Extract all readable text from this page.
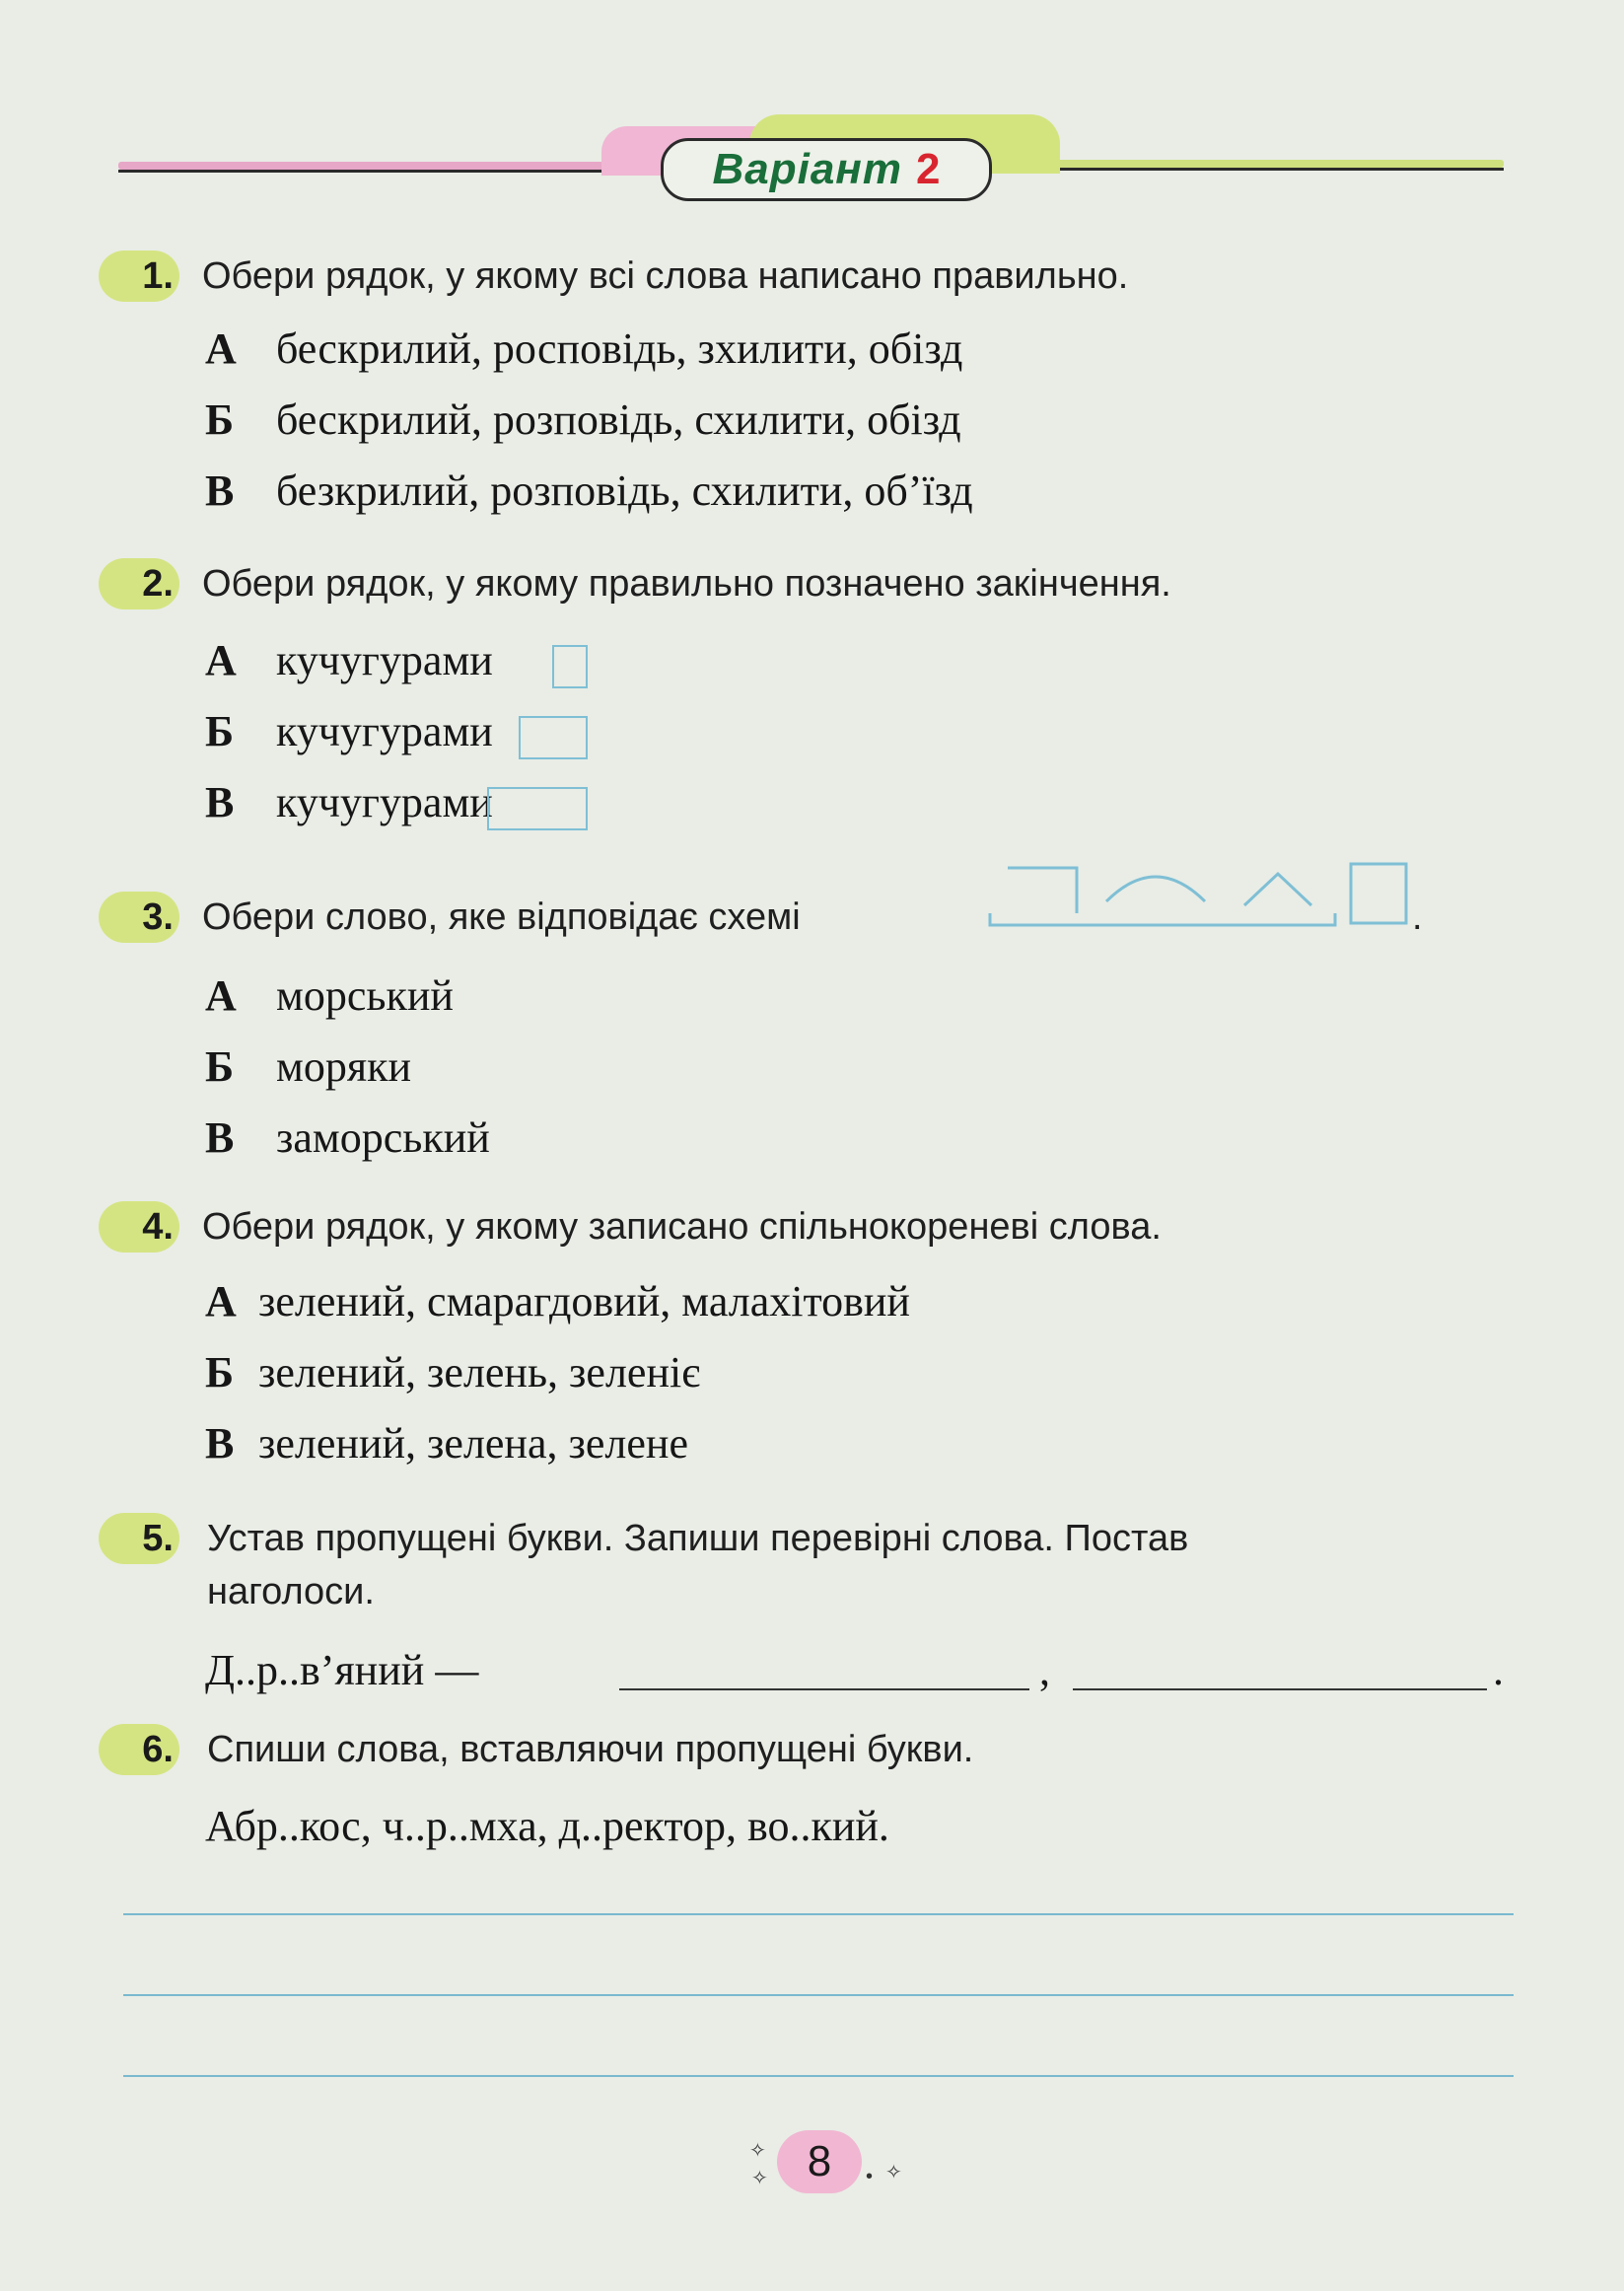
Варіант 2
1. Обери рядок, у якому всі слова написано правильно.
А бескрилий, росповідь, зхилити, обізд
Б бескрилий, розповідь, схилити, обізд
В безкрилий, розповідь, схилити, об’їзд
2. Обери рядок, у якому правильно позначено закінчення.
А кучугурами
Б кучугурами
В кучугурами
3. Обери слово, яке відповідає схемі	.
А морський
Б моряки
В заморський
4. Обери рядок, у якому записано спільнокореневі слова.
А зелений, смарагдовий, малахітовий
Б зелений, зелень, зеленіє
В зелений, зелена, зелене
5. Устав пропущені букви. Запиши перевірні слова. Постав
наголоси.
Д..р..в’яний —	,	.
6. Спиши слова, вставляючи пропущені букви.
Абр..кос, ч..р..мха, д..ректор, во..кий.
✧
✧ 8 • ✧
